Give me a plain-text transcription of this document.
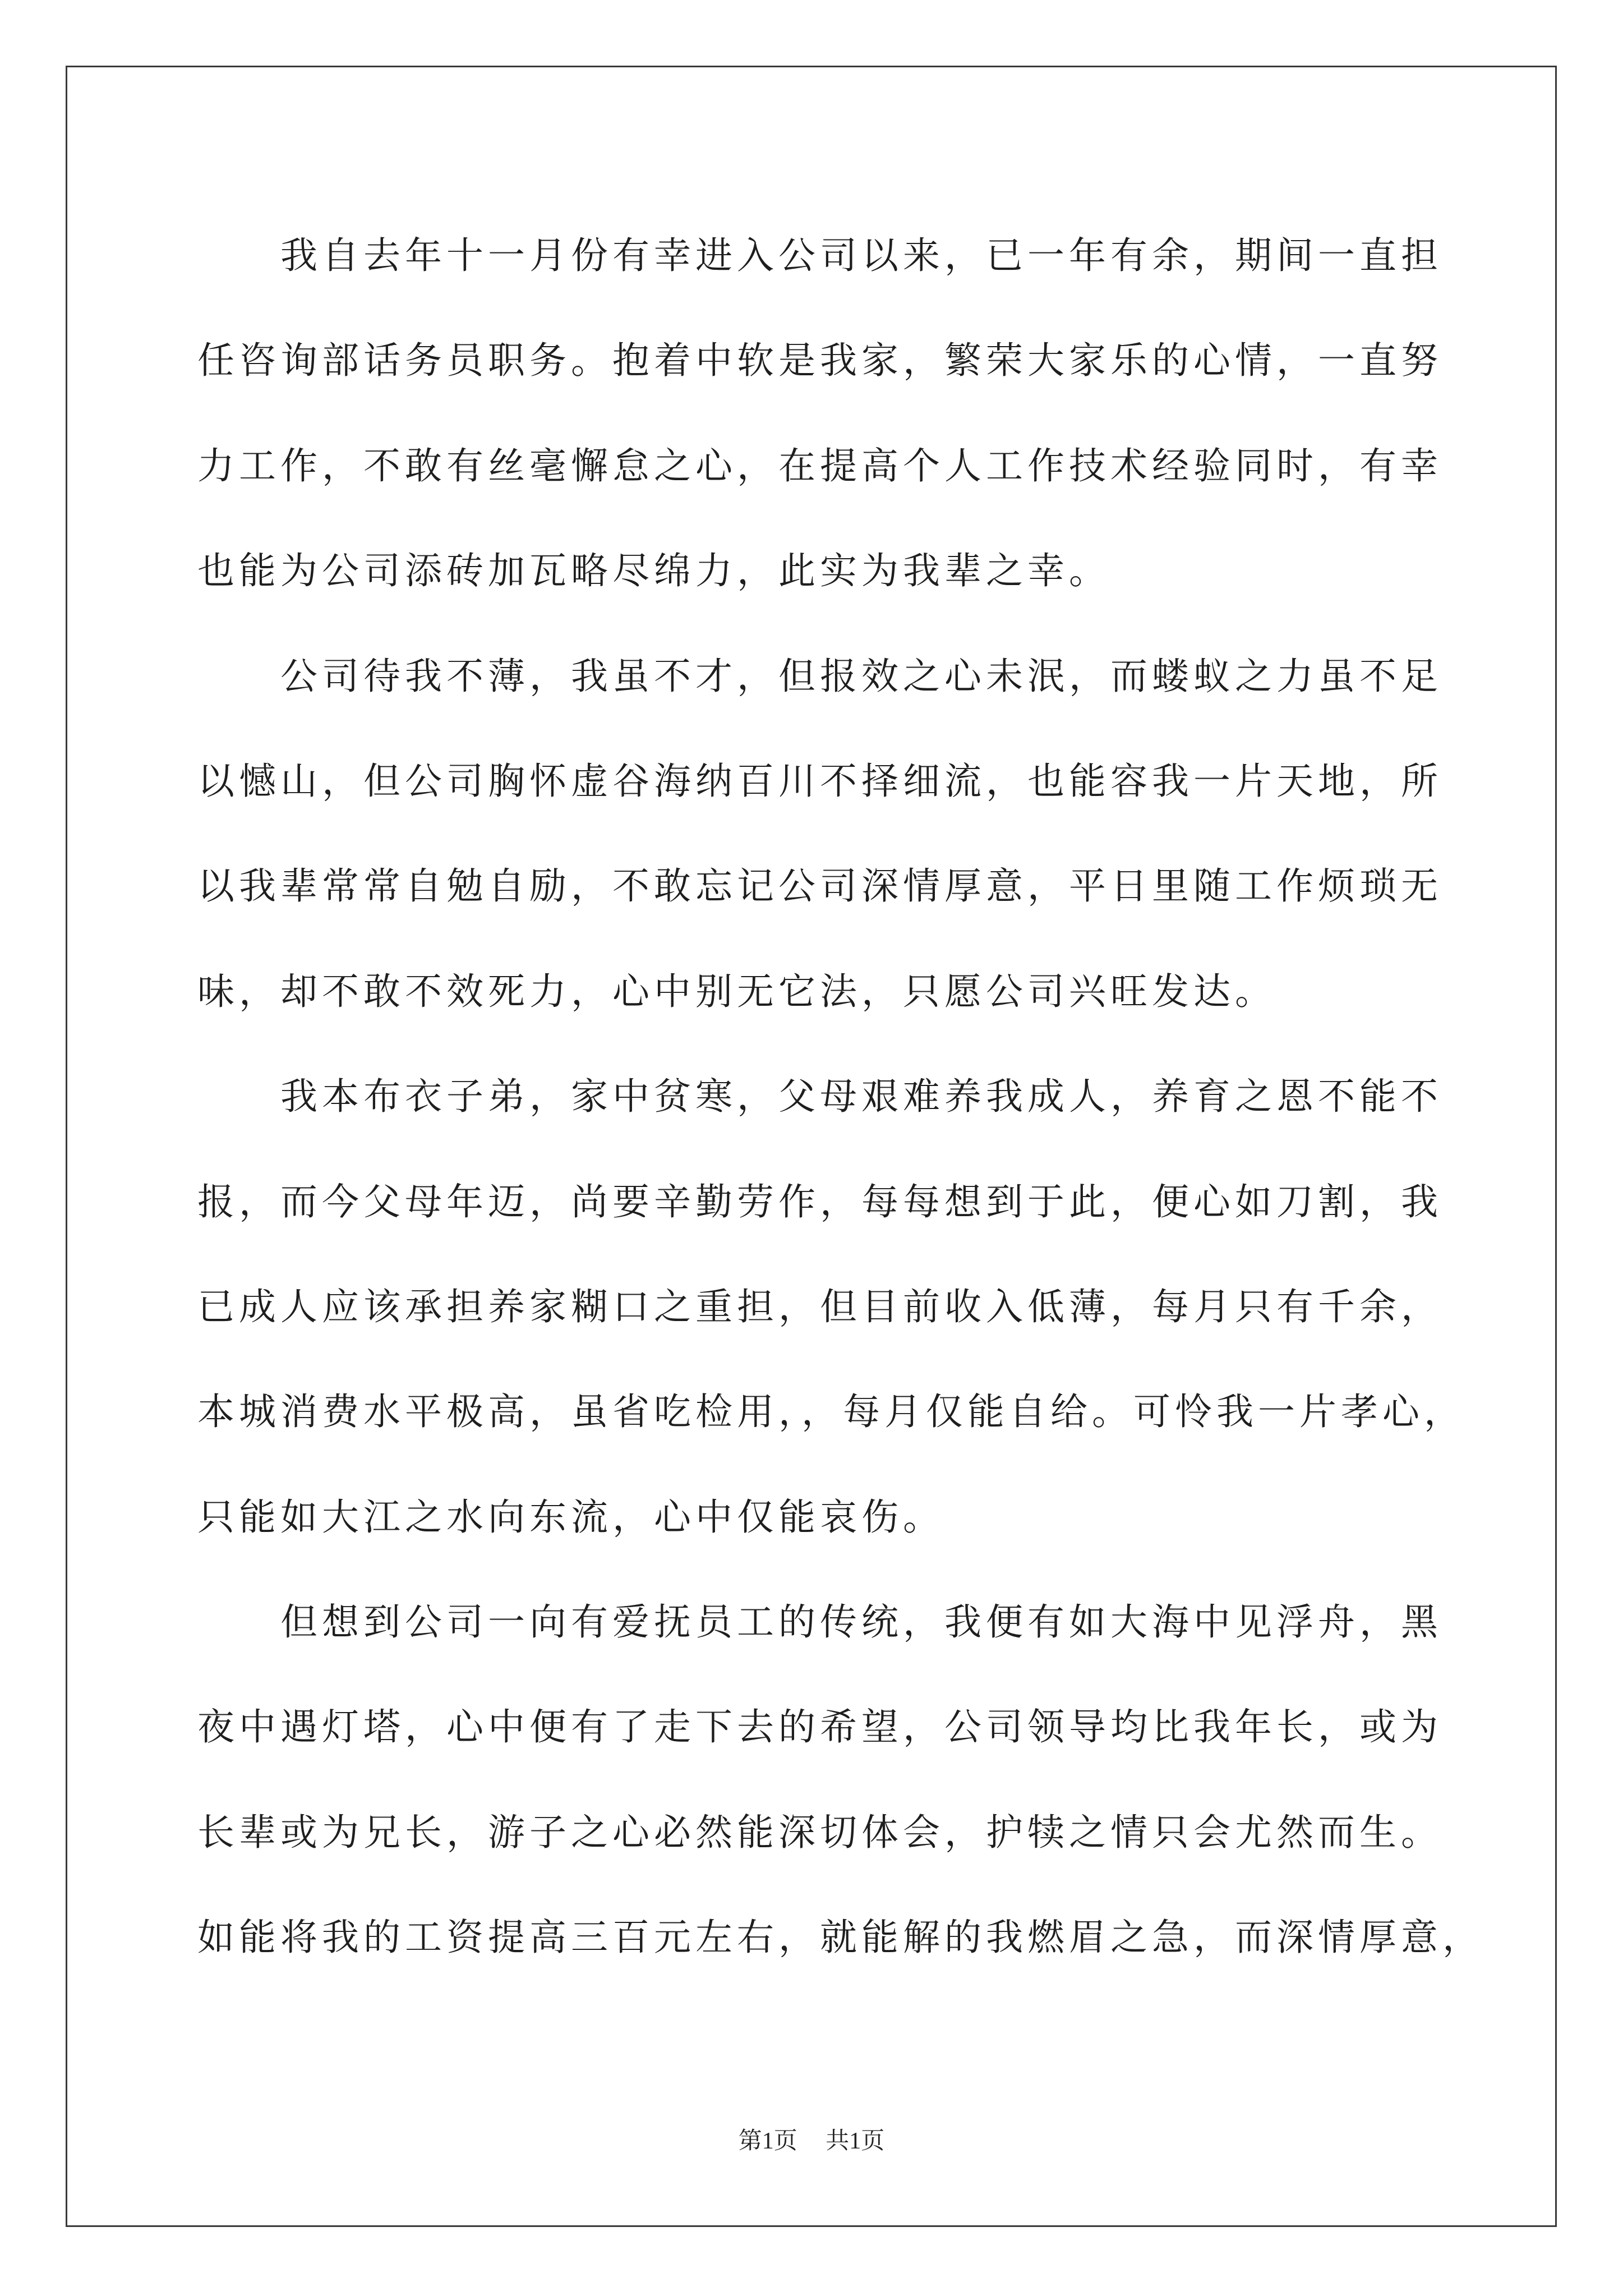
我自去年十一月份有幸进入公司以来，已一年有余，期间一直担
任咨询部话务员职务。抱着中软是我家，繁荣大家乐的心情，一直努
力工作，不敢有丝毫懈怠之心，在提高个人工作技术经验同时，有幸
也能为公司添砖加瓦略尽绵力，此实为我辈之幸。
公司待我不薄，我虽不才，但报效之心未泯，而蝼蚁之力虽不足
以憾山，但公司胸怀虚谷海纳百川不择细流，也能容我一片天地，所
以我辈常常自勉自励，不敢忘记公司深情厚意，平日里随工作烦琐无
味，却不敢不效死力，心中别无它法，只愿公司兴旺发达。
我本布衣子弟，家中贫寒，父母艰难养我成人，养育之恩不能不
报，而今父母年迈，尚要辛勤劳作，每每想到于此，便心如刀割，我
已成人应该承担养家糊口之重担，但目前收入低薄，每月只有千余，
本城消费水平极高，虽省吃检用，，每月仅能自给。可怜我一片孝心，
只能如大江之水向东流，心中仅能哀伤。
但想到公司一向有爱抚员工的传统，我便有如大海中见浮舟，黑
夜中遇灯塔，心中便有了走下去的希望，公司领导均比我年长，或为
长辈或为兄长，游子之心必然能深切体会，护犊之情只会尤然而生。
如能将我的工资提高三百元左右，就能解的我燃眉之急，而深情厚意，
第1页 共1页
